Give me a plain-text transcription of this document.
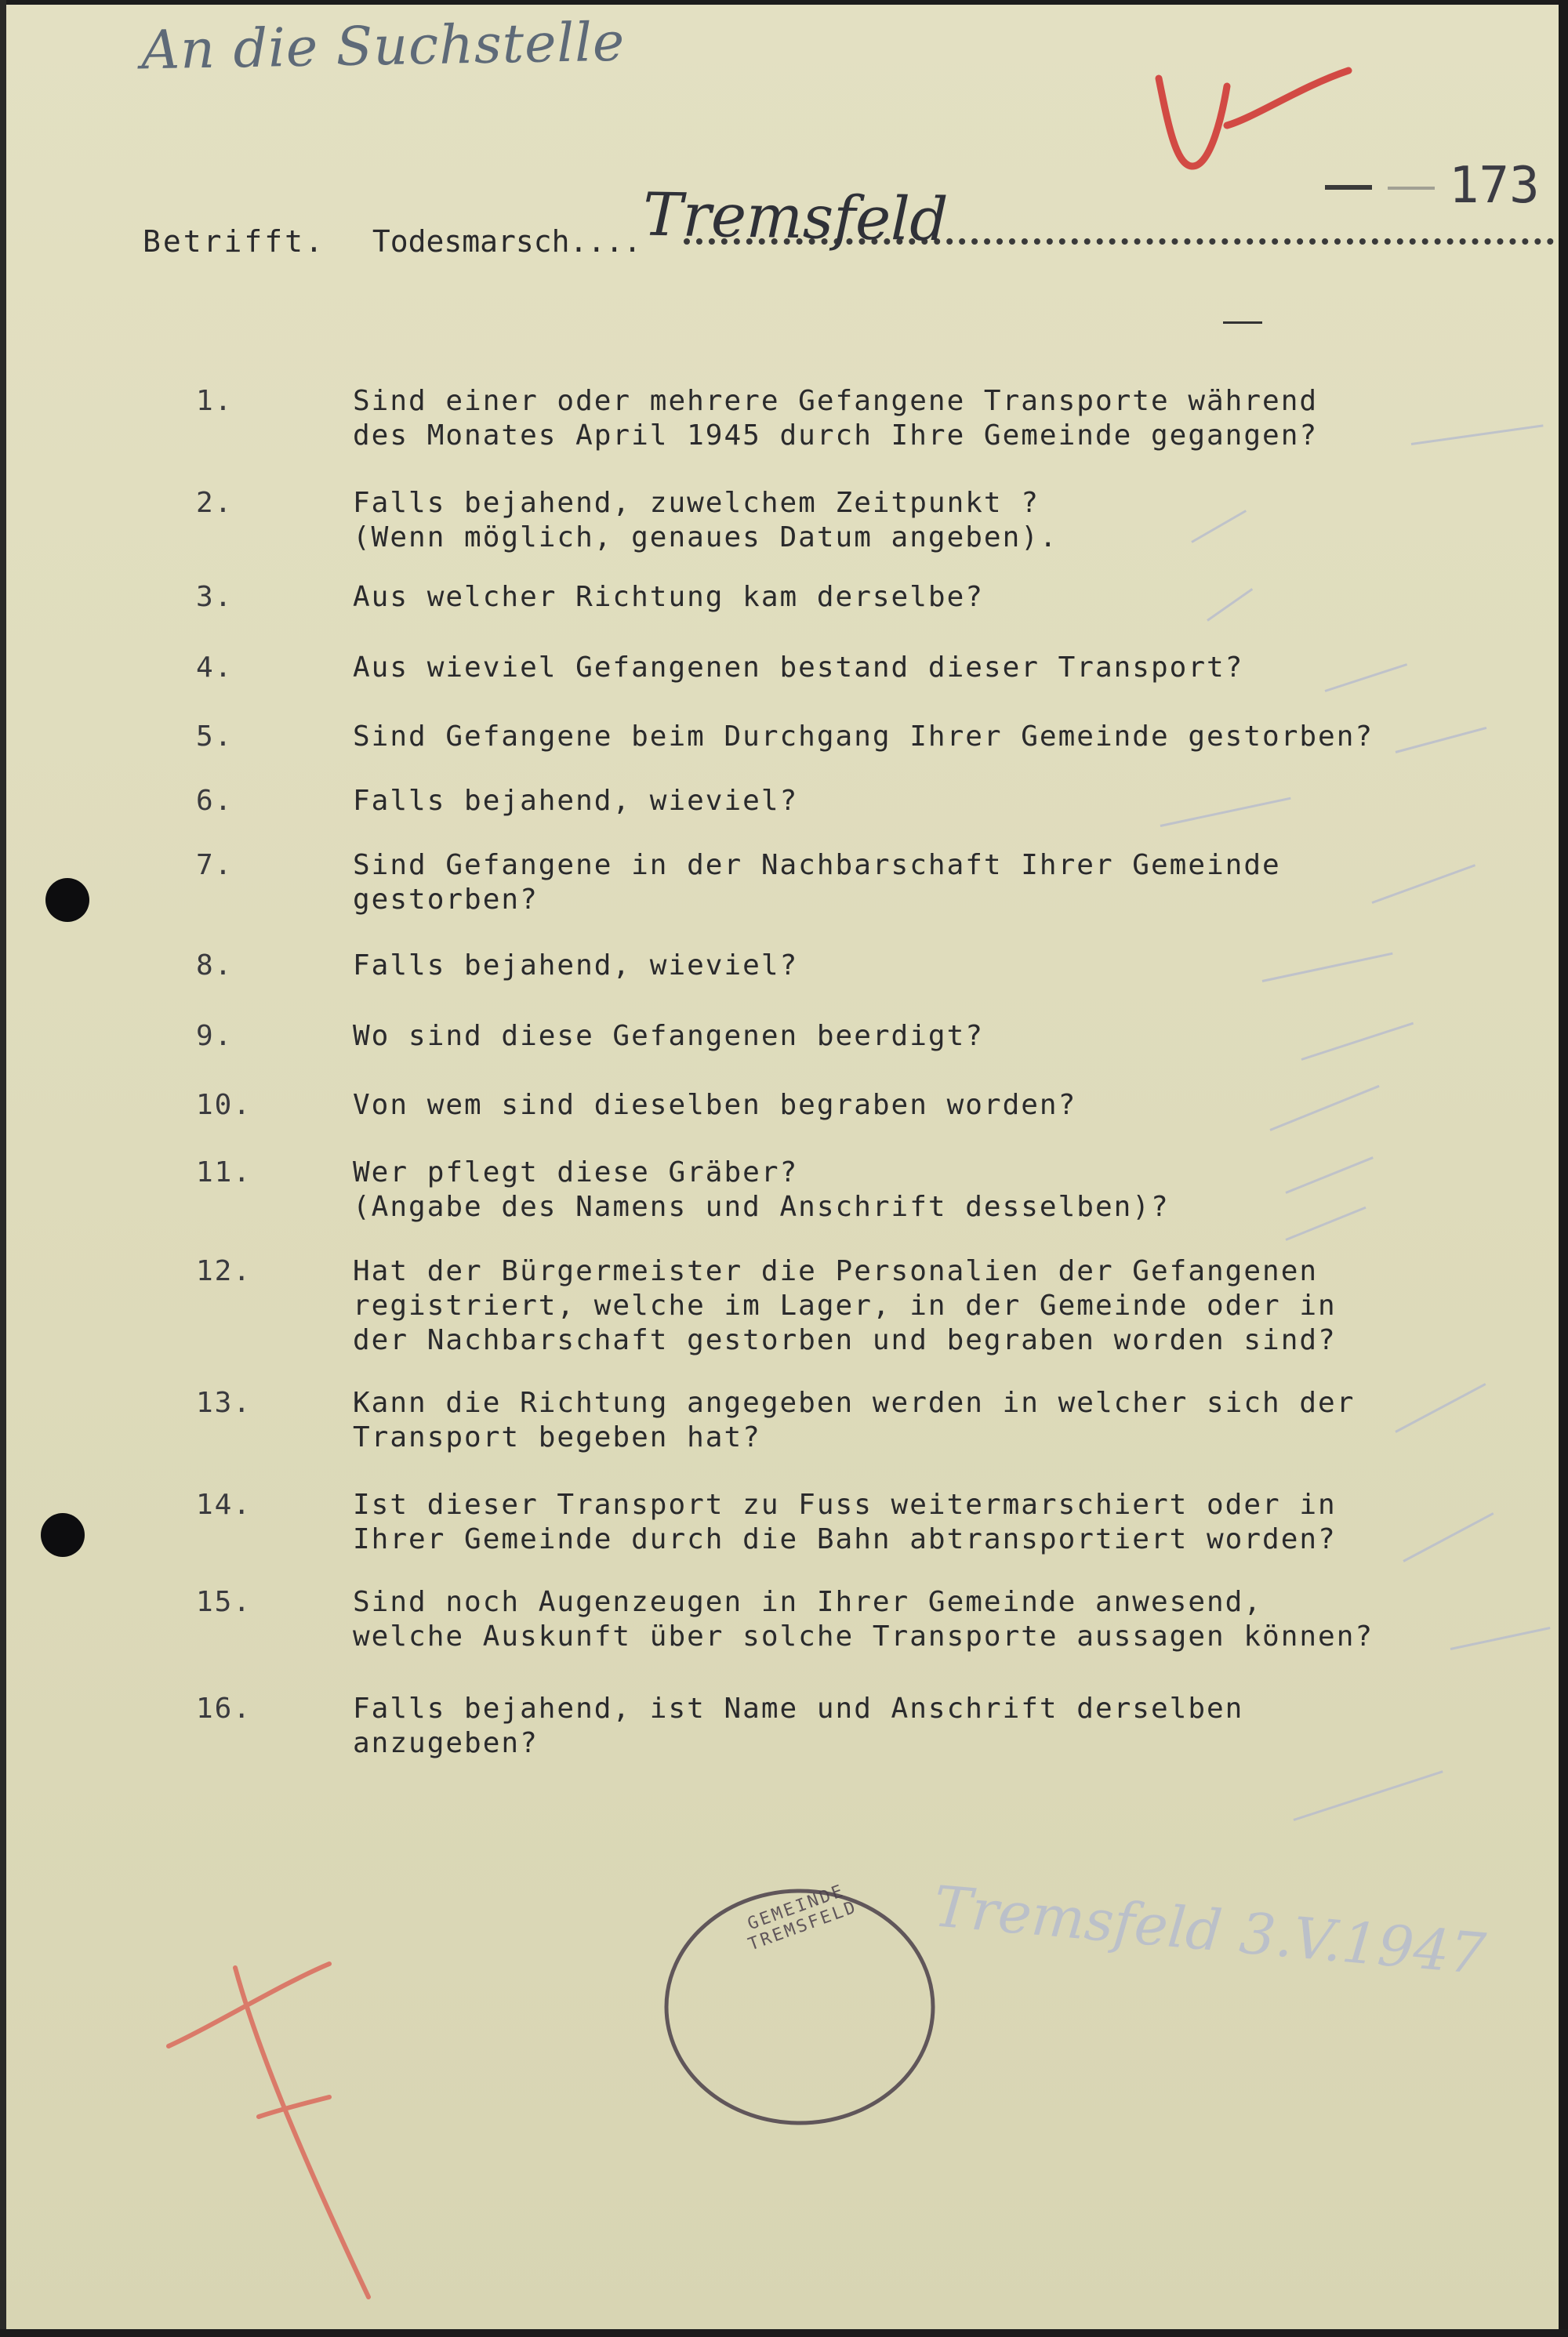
An die Suchstelle
173
Betrifft. Todesmarsch.... Tremsfeld
1.	Sind einer oder mehrere Gefangene Transporte während
des Monates April 1945 durch Ihre Gemeinde gegangen?
2.	Falls bejahend, zuwelchem Zeitpunkt ?
(Wenn möglich, genaues Datum angeben).
3.	Aus welcher Richtung kam derselbe?
4.	Aus wieviel Gefangenen bestand dieser Transport?
5.	Sind Gefangene beim Durchgang Ihrer Gemeinde gestorben?
6.	Falls bejahend, wieviel?
7.	Sind Gefangene in der Nachbarschaft Ihrer Gemeinde
gestorben?
8.	Falls bejahend, wieviel?
9.	Wo sind diese Gefangenen beerdigt?
10.	Von wem sind dieselben begraben worden?
11.	Wer pflegt diese Gräber?
(Angabe des Namens und Anschrift desselben)?
12.	Hat der Bürgermeister die Personalien der Gefangenen
registriert, welche im Lager, in der Gemeinde oder in
der Nachbarschaft gestorben und begraben worden sind?
13.	Kann die Richtung angegeben werden in welcher sich der
Transport begeben hat?
14.	Ist dieser Transport zu Fuss weitermarschiert oder in
Ihrer Gemeinde durch die Bahn abtransportiert worden?
15.	Sind noch Augenzeugen in Ihrer Gemeinde anwesend,
welche Auskunft über solche Transporte aussagen können?
16.	Falls bejahend, ist Name und Anschrift derselben
anzugeben?
GEMEINDE TREMSFELD	Tremsfeld 3.V.1947
